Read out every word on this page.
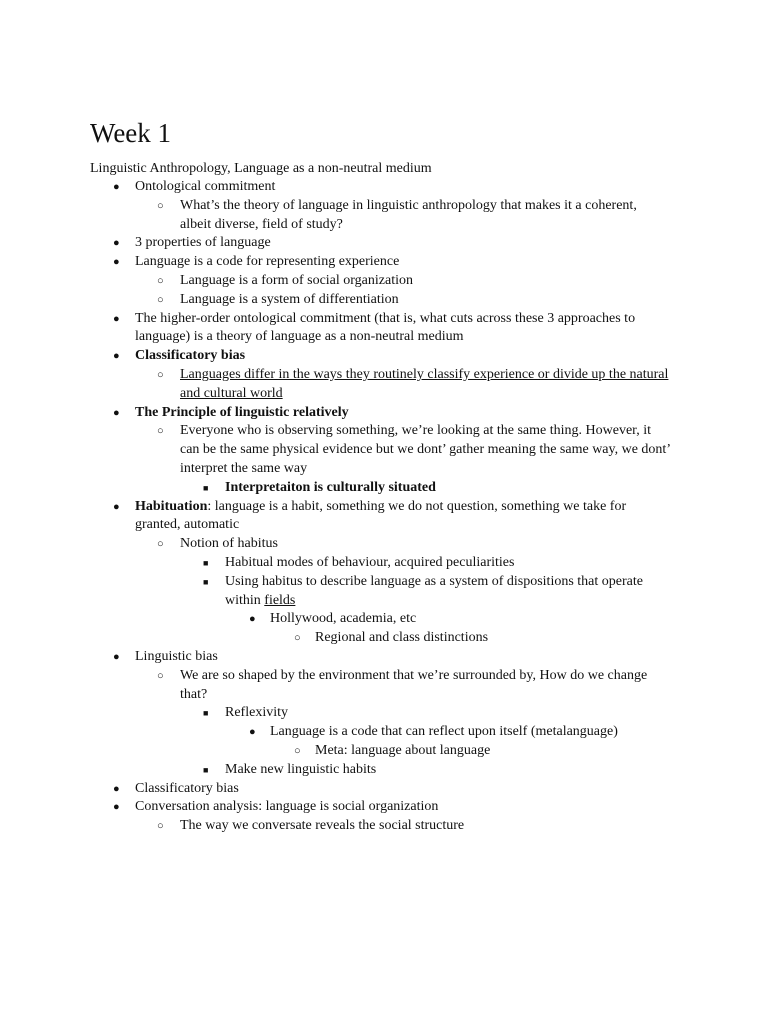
Week 1

Linguistic Anthropology, Language as a non-neutral medium

● Ontological commitment
○ What’s the theory of language in linguistic anthropology that makes it a coherent, albeit diverse, field of study?
● 3 properties of language
● Language is a code for representing experience
○ Language is a form of social organization
○ Language is a system of differentiation
● The higher-order ontological commitment (that is, what cuts across these 3 approaches to language) is a theory of language as a non-neutral medium
● Classificatory bias
○ Languages differ in the ways they routinely classify experience or divide up the natural and cultural world
● The Principle of linguistic relatively
○ Everyone who is observing something, we’re looking at the same thing. However, it can be the same physical evidence but we dont’ gather meaning the same way, we dont’ interpret the same way
■ Interpretaiton is culturally situated
● Habituation: language is a habit, something we do not question, something we take for granted, automatic
○ Notion of habitus
■ Habitual modes of behaviour, acquired peculiarities
■ Using habitus to describe language as a system of dispositions that operate within fields
● Hollywood, academia, etc
○ Regional and class distinctions
● Linguistic bias
○ We are so shaped by the environment that we’re surrounded by, How do we change that?
■ Reflexivity
● Language is a code that can reflect upon itself (metalanguage)
○ Meta: language about language
■ Make new linguistic habits
● Classificatory bias
● Conversation analysis: language is social organization
○ The way we conversate reveals the social structure
